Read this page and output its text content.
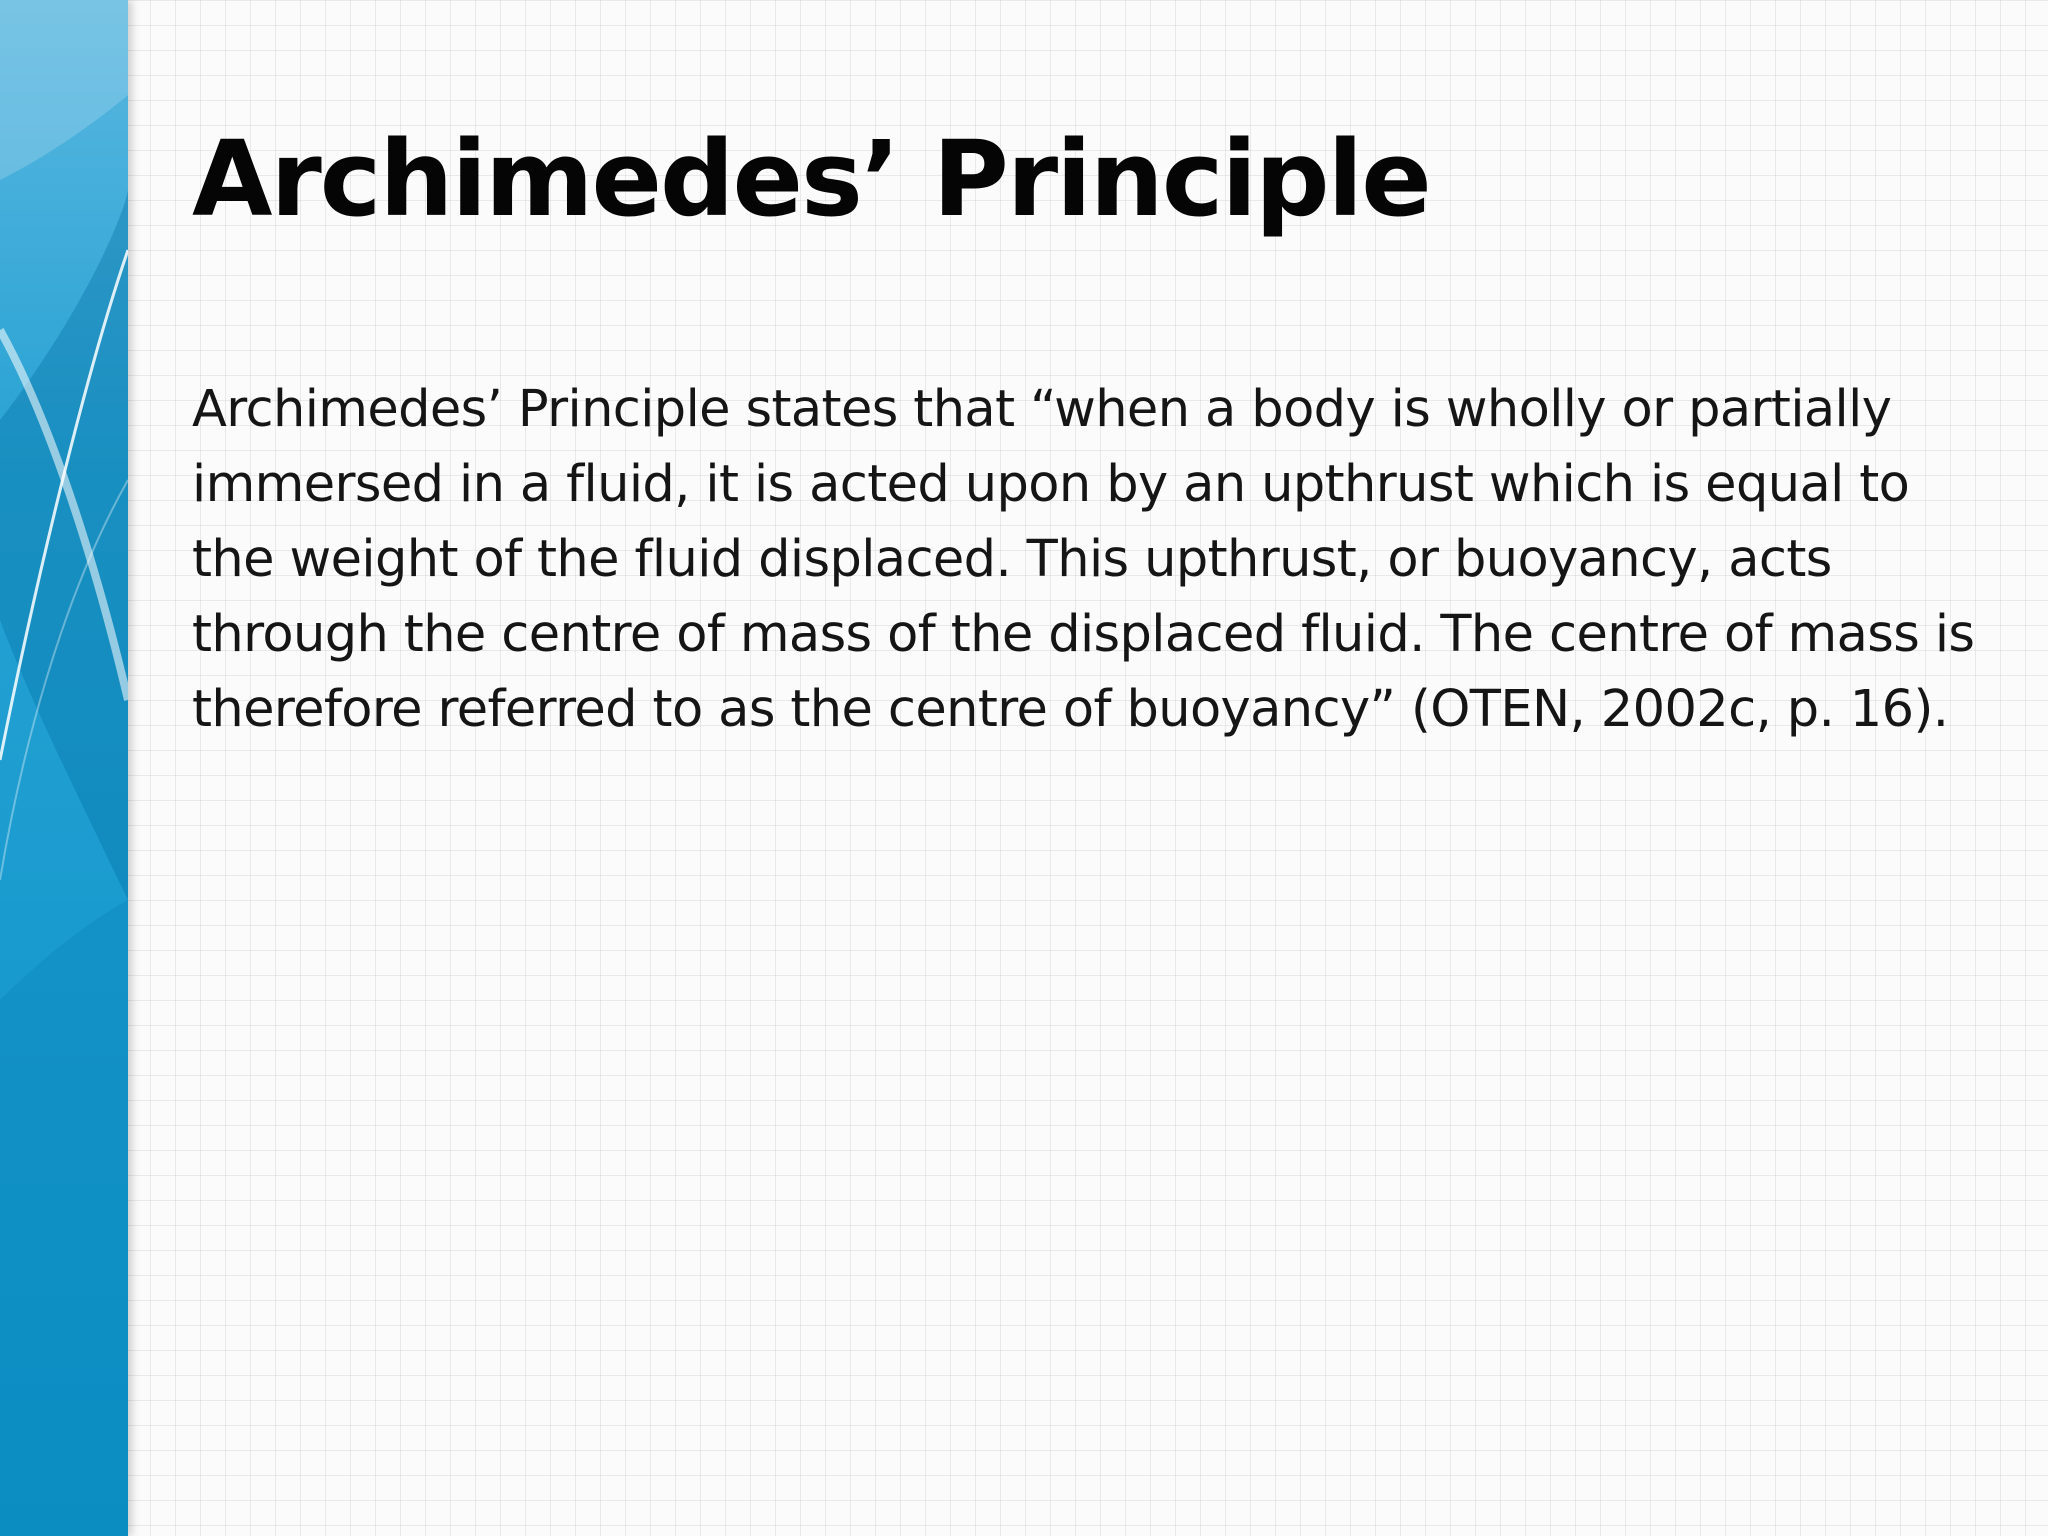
Archimedes’ Principle

Archimedes’ Principle states that “when a body is wholly or partially immersed in a fluid, it is acted upon by an upthrust which is equal to the weight of the fluid displaced. This upthrust, or buoyancy, acts through the centre of mass of the displaced fluid. The centre of mass is therefore referred to as the centre of buoyancy” (OTEN, 2002c, p. 16).
